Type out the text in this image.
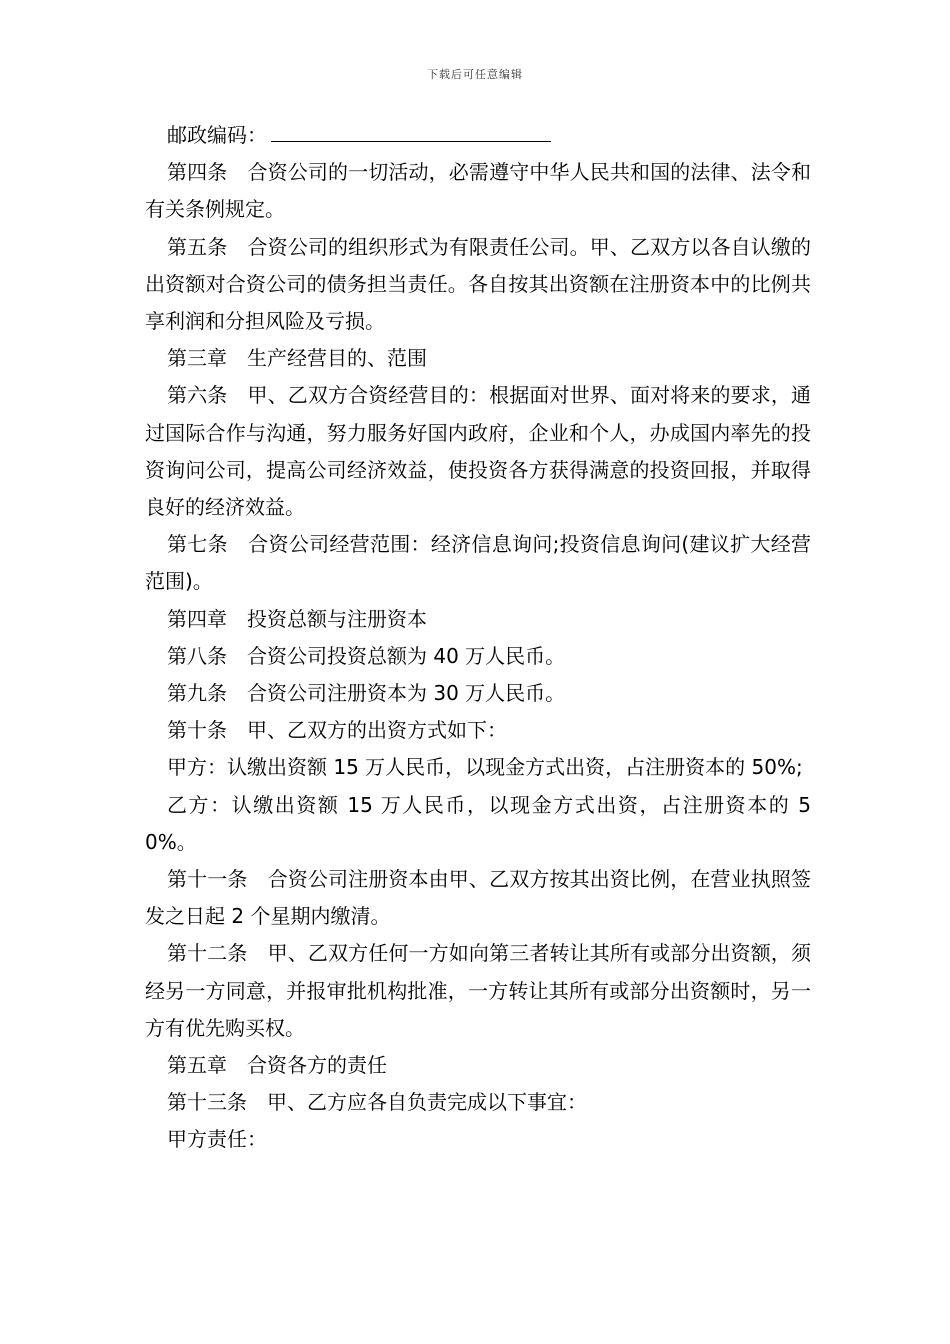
下载后可任意编辑

邮政编码：

第四条　合资公司的一切活动，必需遵守中华人民共和国的法律、法令和有关条例规定。

第五条　合资公司的组织形式为有限责任公司。甲、乙双方以各自认缴的出资额对合资公司的债务担当责任。各自按其出资额在注册资本中的比例共享利润和分担风险及亏损。

第三章　生产经营目的、范围

第六条　甲、乙双方合资经营目的：根据面对世界、面对将来的要求，通过国际合作与沟通，努力服务好国内政府，企业和个人，办成国内率先的投资询问公司，提高公司经济效益，使投资各方获得满意的投资回报，并取得良好的经济效益。

第七条　合资公司经营范围：经济信息询问;投资信息询问(建议扩大经营范围)。

第四章　投资总额与注册资本

第八条　合资公司投资总额为 40 万人民币。

第九条　合资公司注册资本为 30 万人民币。

第十条　甲、乙双方的出资方式如下：

甲方：认缴出资额 15 万人民币，以现金方式出资，占注册资本的 50%;

乙方：认缴出资额 15 万人民币，以现金方式出资，占注册资本的 50%。

第十一条　合资公司注册资本由甲、乙双方按其出资比例，在营业执照签发之日起 2 个星期内缴清。

第十二条　甲、乙双方任何一方如向第三者转让其所有或部分出资额，须经另一方同意，并报审批机构批准，一方转让其所有或部分出资额时，另一方有优先购买权。

第五章　合资各方的责任

第十三条　甲、乙方应各自负责完成以下事宜：

甲方责任：
